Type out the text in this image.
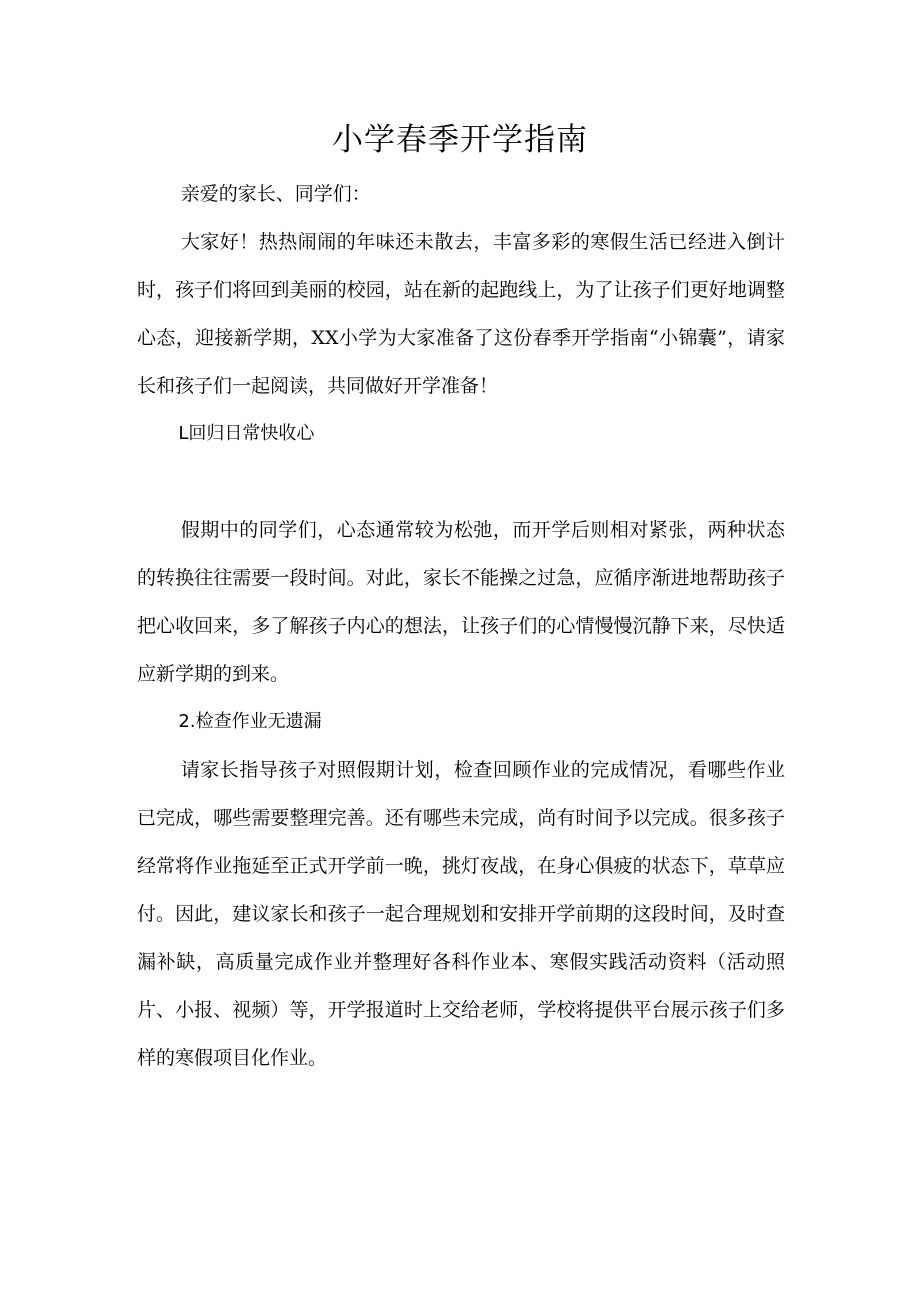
小学春季开学指南

亲爱的家长、同学们：

大家好！热热闹闹的年味还未散去，丰富多彩的寒假生活已经进入倒计时，孩子们将回到美丽的校园，站在新的起跑线上，为了让孩子们更好地调整心态，迎接新学期，XX小学为大家准备了这份春季开学指南“小锦囊”，请家长和孩子们一起阅读，共同做好开学准备！

L回归日常快收心

假期中的同学们，心态通常较为松弛，而开学后则相对紧张，两种状态的转换往往需要一段时间。对此，家长不能操之过急，应循序渐进地帮助孩子把心收回来，多了解孩子内心的想法，让孩子们的心情慢慢沉静下来，尽快适应新学期的到来。

2.检查作业无遗漏

请家长指导孩子对照假期计划，检查回顾作业的完成情况，看哪些作业已完成，哪些需要整理完善。还有哪些未完成，尚有时间予以完成。很多孩子经常将作业拖延至正式开学前一晚，挑灯夜战，在身心俱疲的状态下，草草应付。因此，建议家长和孩子一起合理规划和安排开学前期的这段时间，及时查漏补缺，高质量完成作业并整理好各科作业本、寒假实践活动资料（活动照片、小报、视频）等，开学报道时上交给老师，学校将提供平台展示孩子们多样的寒假项目化作业。
